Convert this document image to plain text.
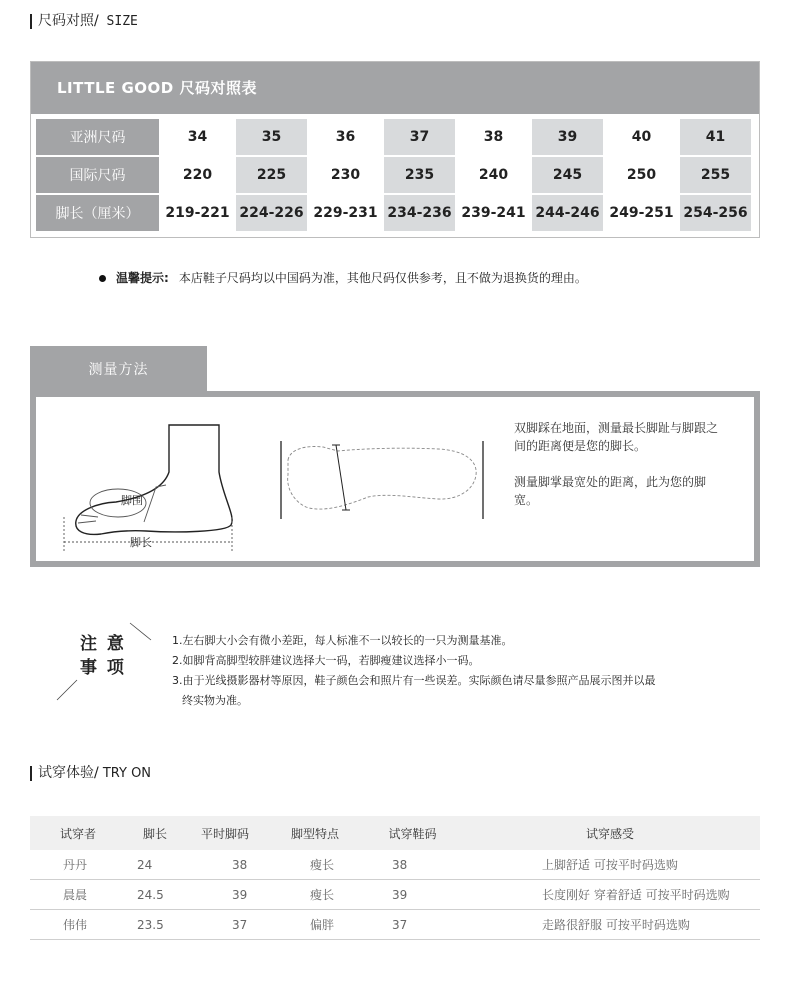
尺码对照/ SIZE
LITTLE GOOD 尺码对照表
亚洲尺码	34	35	36	37	38	39	40	41
国际尺码	220	225	230	235	240	245	250	255
脚长（厘米）	219-221 224-226 229-231 234-236 239-241 244-246 249-251 254-256
温馨提示: 本店鞋子尺码均以中国码为准，其他尺码仅供参考，且不做为退换货的理由。
测量方法
脚围
脚长
双脚踩在地面，测量最长脚趾与脚跟之间的距离便是您的脚长。
测量脚掌最宽处的距离，此为您的脚宽。
注 意
事 项
1.左右脚大小会有微小差距，每人标准不一以较长的一只为测量基准。
2.如脚背高脚型较胖建议选择大一码，若脚瘦建议选择小一码。
3.由于光线摄影器材等原因，鞋子颜色会和照片有一些误差。实际颜色请尽量参照产品展示图并以最
终实物为准。
试穿体验/ TRY ON
试穿者	脚长	平时脚码	脚型特点	试穿鞋码	试穿感受
丹丹	24	38	瘦长	38	上脚舒适 可按平时码选购
晨晨	24.5	39	瘦长	39	长度刚好 穿着舒适 可按平时码选购
伟伟	23.5	37	偏胖	37	走路很舒服 可按平时码选购
